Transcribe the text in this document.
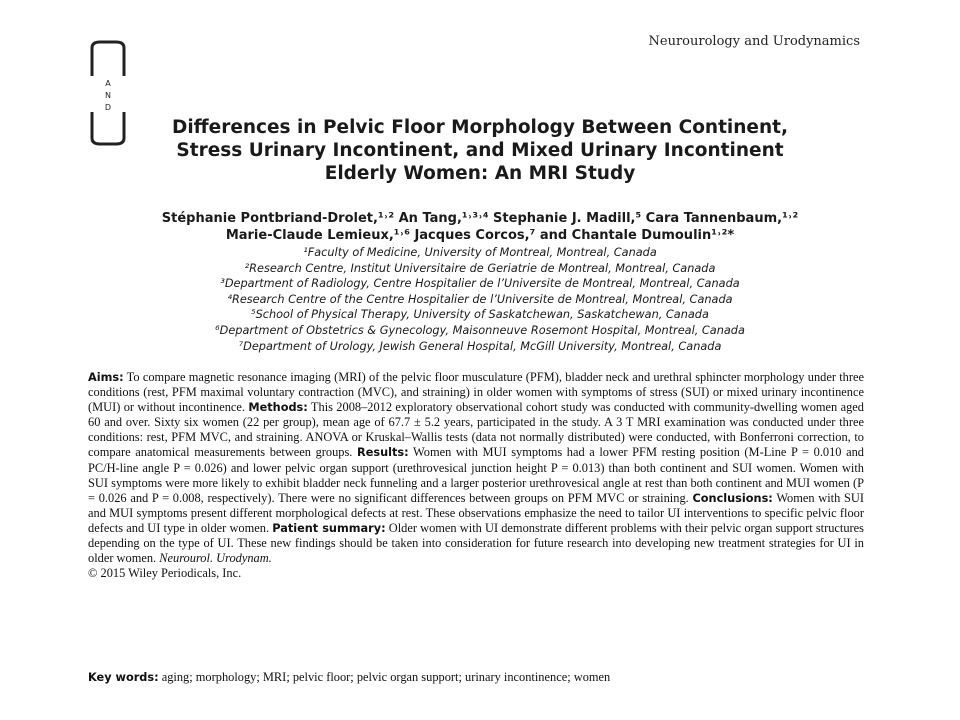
Neurourology and Urodynamics
A
N
D
Differences in Pelvic Floor Morphology Between Continent,
Stress Urinary Incontinent, and Mixed Urinary Incontinent
Elderly Women: An MRI Study
Stéphanie Pontbriand-Drolet,¹˒² An Tang,¹˒³˒⁴ Stephanie J. Madill,⁵ Cara Tannenbaum,¹˒²
Marie-Claude Lemieux,¹˒⁶ Jacques Corcos,⁷ and Chantale Dumoulin¹˒²*
¹Faculty of Medicine, University of Montreal, Montreal, Canada
²Research Centre, Institut Universitaire de Geriatrie de Montreal, Montreal, Canada
³Department of Radiology, Centre Hospitalier de l’Universite de Montreal, Montreal, Canada
⁴Research Centre of the Centre Hospitalier de l’Universite de Montreal, Montreal, Canada
⁵School of Physical Therapy, University of Saskatchewan, Saskatchewan, Canada
⁶Department of Obstetrics & Gynecology, Maisonneuve Rosemont Hospital, Montreal, Canada
⁷Department of Urology, Jewish General Hospital, McGill University, Montreal, Canada
Aims: To compare magnetic resonance imaging (MRI) of the pelvic floor musculature (PFM), bladder neck and urethral sphincter morphology under three conditions (rest, PFM maximal voluntary contraction (MVC), and straining) in older women with symptoms of stress (SUI) or mixed urinary incontinence (MUI) or without incontinence. Methods: This 2008–2012 exploratory observational cohort study was conducted with community-dwelling women aged 60 and over. Sixty six women (22 per group), mean age of 67.7 ± 5.2 years, participated in the study. A 3 T MRI examination was conducted under three conditions: rest, PFM MVC, and straining. ANOVA or Kruskal–Wallis tests (data not normally distributed) were conducted, with Bonferroni correction, to compare anatomical measurements between groups. Results: Women with MUI symptoms had a lower PFM resting position (M-Line P = 0.010 and PC/H-line angle P = 0.026) and lower pelvic organ support (urethrovesical junction height P = 0.013) than both continent and SUI women. Women with SUI symptoms were more likely to exhibit bladder neck funneling and a larger posterior urethrovesical angle at rest than both continent and MUI women (P = 0.026 and P = 0.008, respectively). There were no significant differences between groups on PFM MVC or straining. Conclusions: Women with SUI and MUI symptoms present different morphological defects at rest. These observations emphasize the need to tailor UI interventions to specific pelvic floor defects and UI type in older women. Patient summary: Older women with UI demonstrate different problems with their pelvic organ support structures depending on the type of UI. These new findings should be taken into consideration for future research into developing new treatment strategies for UI in older women. Neurourol. Urodynam.
© 2015 Wiley Periodicals, Inc.
Key words: aging; morphology; MRI; pelvic floor; pelvic organ support; urinary incontinence; women
